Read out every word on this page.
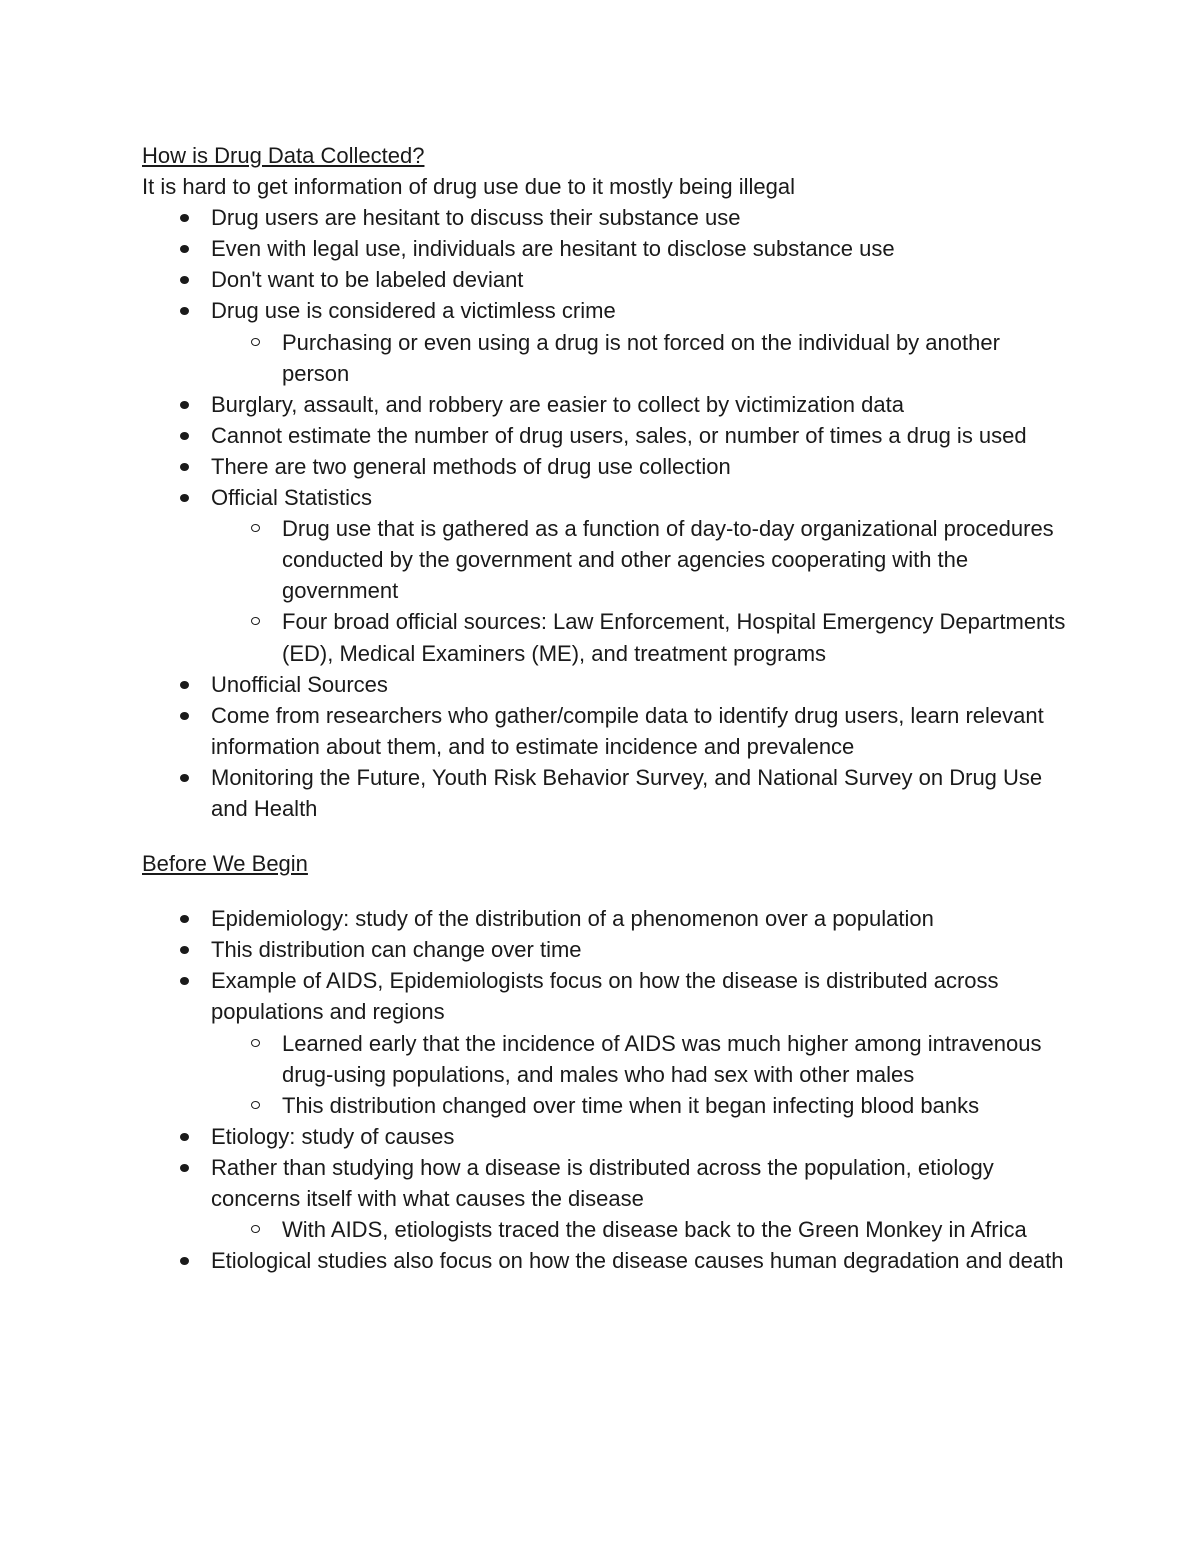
How is Drug Data Collected?

It is hard to get information of drug use due to it mostly being illegal

Drug users are hesitant to discuss their substance use
Even with legal use, individuals are hesitant to disclose substance use
Don't want to be labeled deviant
Drug use is considered a victimless crime
Purchasing or even using a drug is not forced on the individual by another person
Burglary, assault, and robbery are easier to collect by victimization data
Cannot estimate the number of drug users, sales, or number of times a drug is used
There are two general methods of drug use collection
Official Statistics
Drug use that is gathered as a function of day-to-day organizational procedures conducted by the government and other agencies cooperating with the government
Four broad official sources: Law Enforcement, Hospital Emergency Departments (ED), Medical Examiners (ME), and treatment programs
Unofficial Sources
Come from researchers who gather/compile data to identify drug users, learn relevant information about them, and to estimate incidence and prevalence
Monitoring the Future, Youth Risk Behavior Survey, and National Survey on Drug Use and Health

Before We Begin

Epidemiology: study of the distribution of a phenomenon over a population
This distribution can change over time
Example of AIDS, Epidemiologists focus on how the disease is distributed across populations and regions
Learned early that the incidence of AIDS was much higher among intravenous drug-using populations, and males who had sex with other males
This distribution changed over time when it began infecting blood banks
Etiology: study of causes
Rather than studying how a disease is distributed across the population, etiology concerns itself with what causes the disease
With AIDS, etiologists traced the disease back to the Green Monkey in Africa
Etiological studies also focus on how the disease causes human degradation and death
